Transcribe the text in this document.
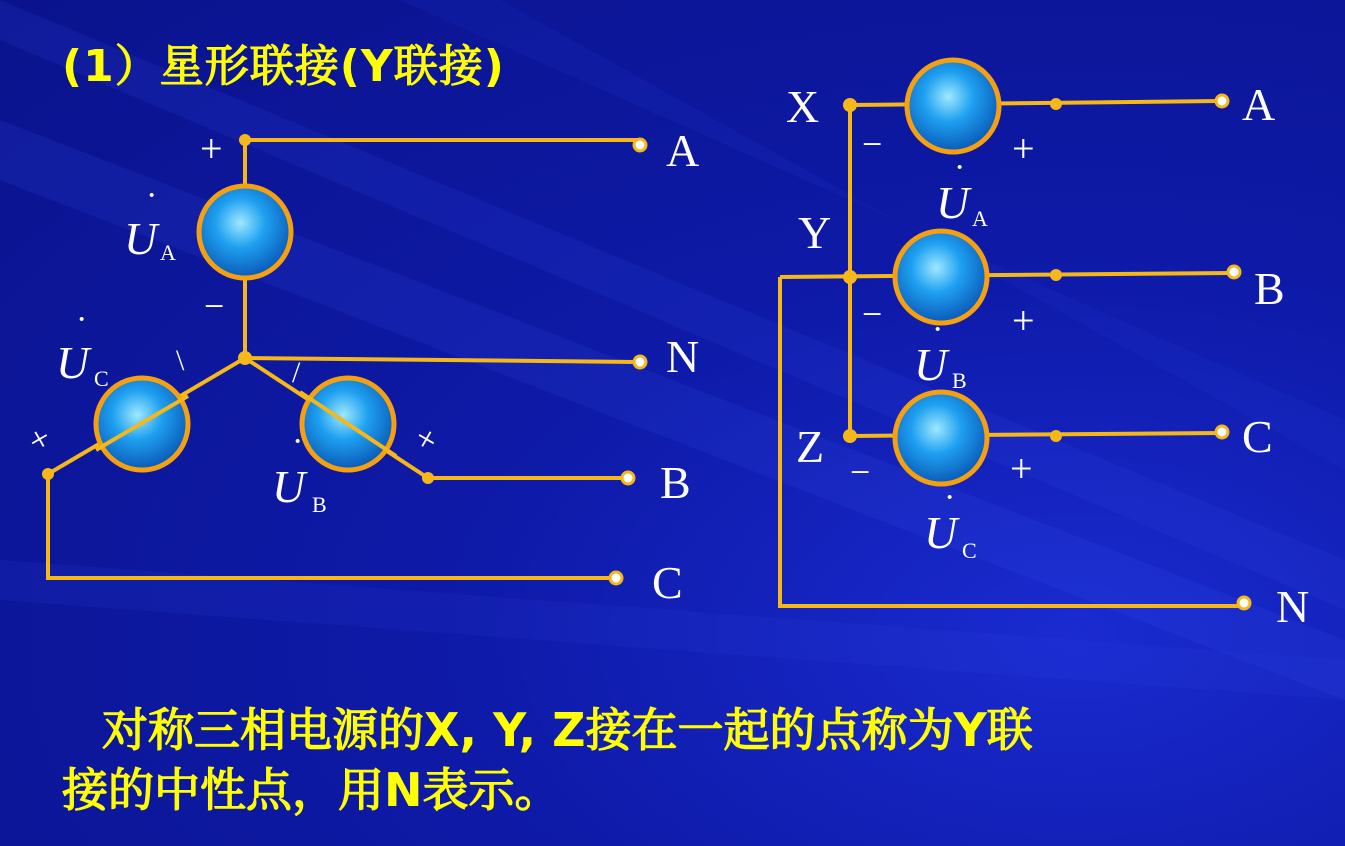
(1）星形联接(Y联接)
A
N
B
C
+
−
\	/
+	+
·
U A
·
U C
·
U B
X
Y
Z
A
B
C
N
−	+
−	+
−	+
·
U A
·
U B
·
U C
对称三相电源的X, Y, Z接在一起的点称为Y联
接的中性点，用N表示。
